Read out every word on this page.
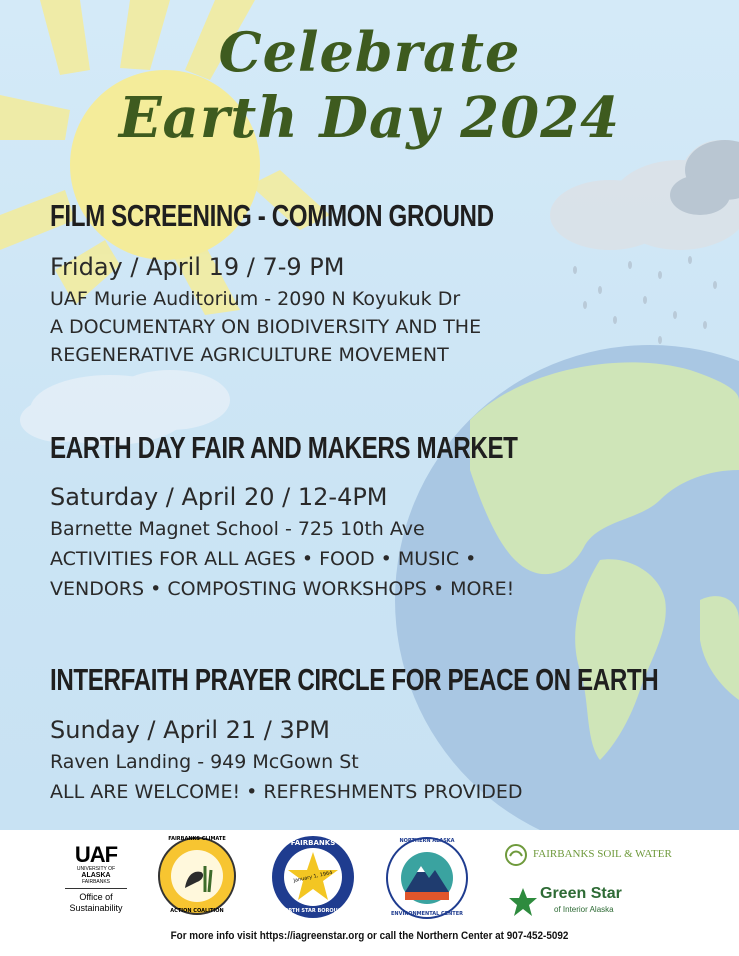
Celebrate
Earth Day 2024
FILM SCREENING - COMMON GROUND
Friday / April 19 / 7-9 PM
UAF Murie Auditorium - 2090 N Koyukuk Dr
A DOCUMENTARY ON BIODIVERSITY AND THE
REGENERATIVE AGRICULTURE MOVEMENT
EARTH DAY FAIR AND MAKERS MARKET
Saturday / April 20 / 12-4PM
Barnette Magnet School - 725 10th Ave
ACTIVITIES FOR ALL AGES • FOOD • MUSIC •
VENDORS • COMPOSTING WORKSHOPS • MORE!
INTERFAITH PRAYER CIRCLE FOR PEACE ON EARTH
Sunday / April 21 / 3PM
Raven Landing - 949 McGown St
ALL ARE WELCOME! • REFRESHMENTS PROVIDED
UAF
UNIVERSITY OF
ALASKA
FAIRBANKS
Office of
Sustainability
FAIRBANKS CLIMATE
ACTION COALITION
FAIRBANKS
January 1, 1964
NORTH STAR BOROUGH
NORTHERN ALASKA
ENVIRONMENTAL CENTER
FAIRBANKS SOIL & WATER
Green Star
of Interior Alaska
For more info visit https://iagreenstar.org or call the Northern Center at 907-452-5092
